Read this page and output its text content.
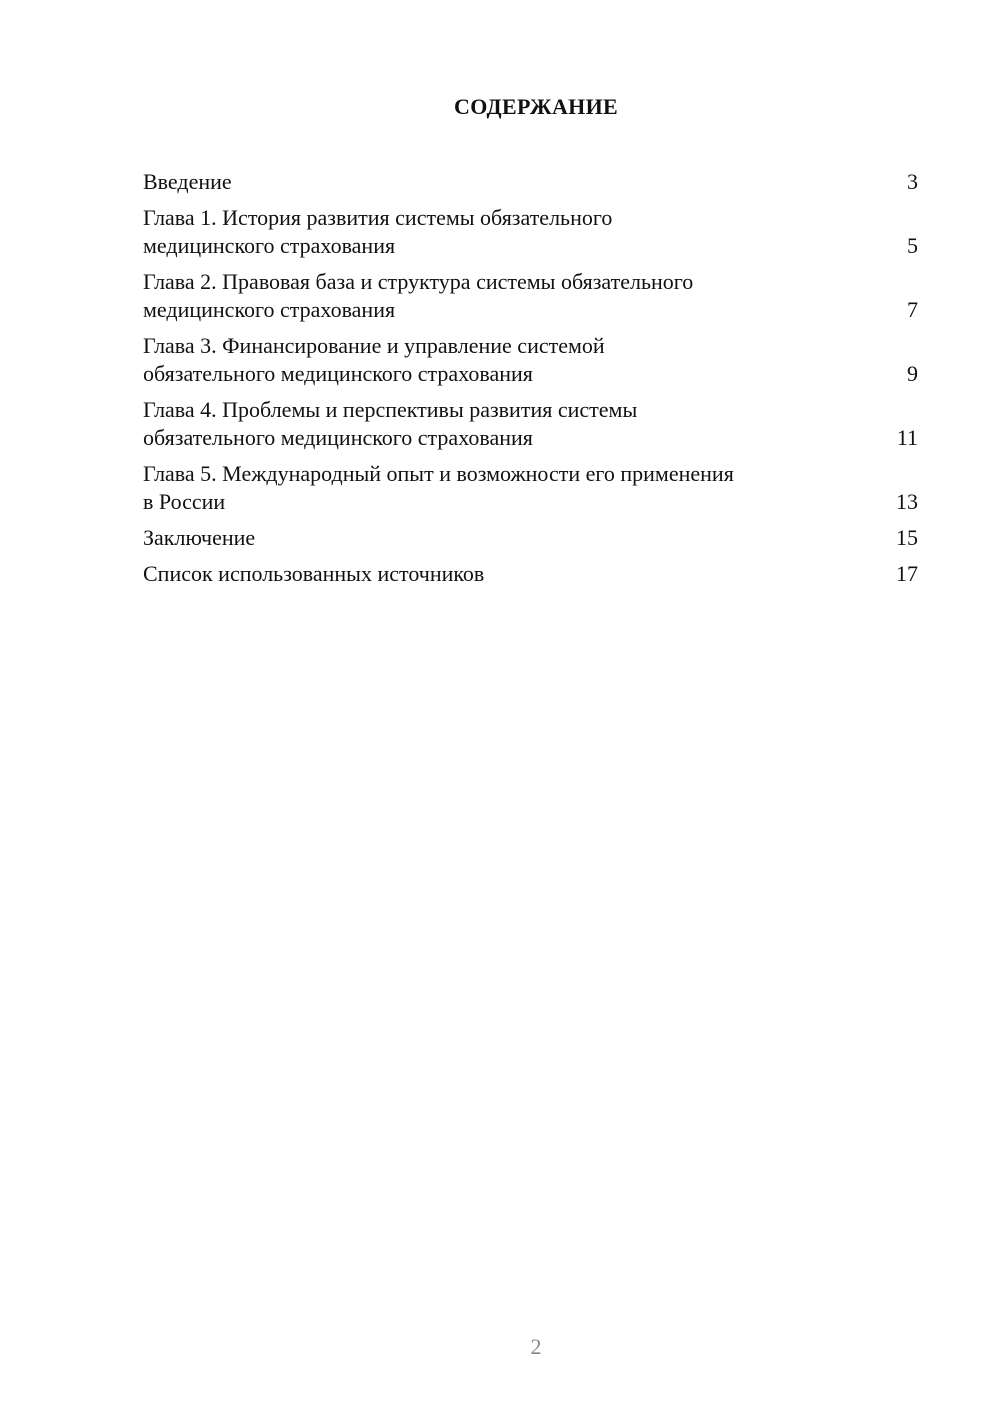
СОДЕРЖАНИЕ
Введение	3
Глава 1. История развития системы обязательного
медицинского страхования	5
Глава 2. Правовая база и структура системы обязательного
медицинского страхования	7
Глава 3. Финансирование и управление системой
обязательного медицинского страхования	9
Глава 4. Проблемы и перспективы развития системы
обязательного медицинского страхования	11
Глава 5. Международный опыт и возможности его применения
в России	13
Заключение	15
Список использованных источников	17
2
